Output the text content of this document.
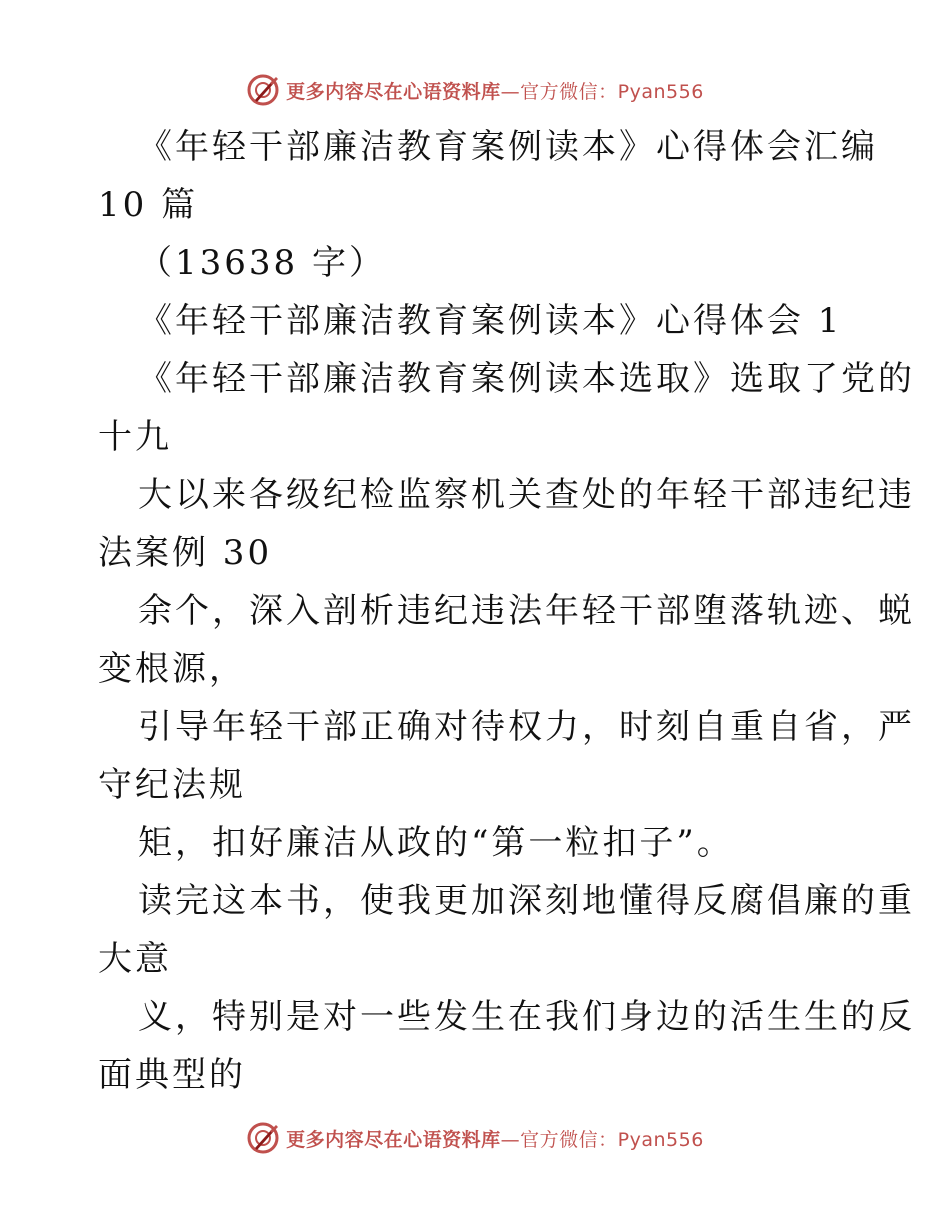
更多内容尽在心语资料库—官方微信：Pyan556
《年轻干部廉洁教育案例读本》心得体会汇编
10 篇
（13638 字）
《年轻干部廉洁教育案例读本》心得体会 1
《年轻干部廉洁教育案例读本选取》选取了党的
十九
大以来各级纪检监察机关查处的年轻干部违纪违
法案例 30
余个，深入剖析违纪违法年轻干部堕落轨迹、蜕
变根源，
引导年轻干部正确对待权力，时刻自重自省，严
守纪法规
矩，扣好廉洁从政的“第一粒扣子”。
读完这本书，使我更加深刻地懂得反腐倡廉的重
大意
义，特别是对一些发生在我们身边的活生生的反
面典型的
更多内容尽在心语资料库—官方微信：Pyan556
